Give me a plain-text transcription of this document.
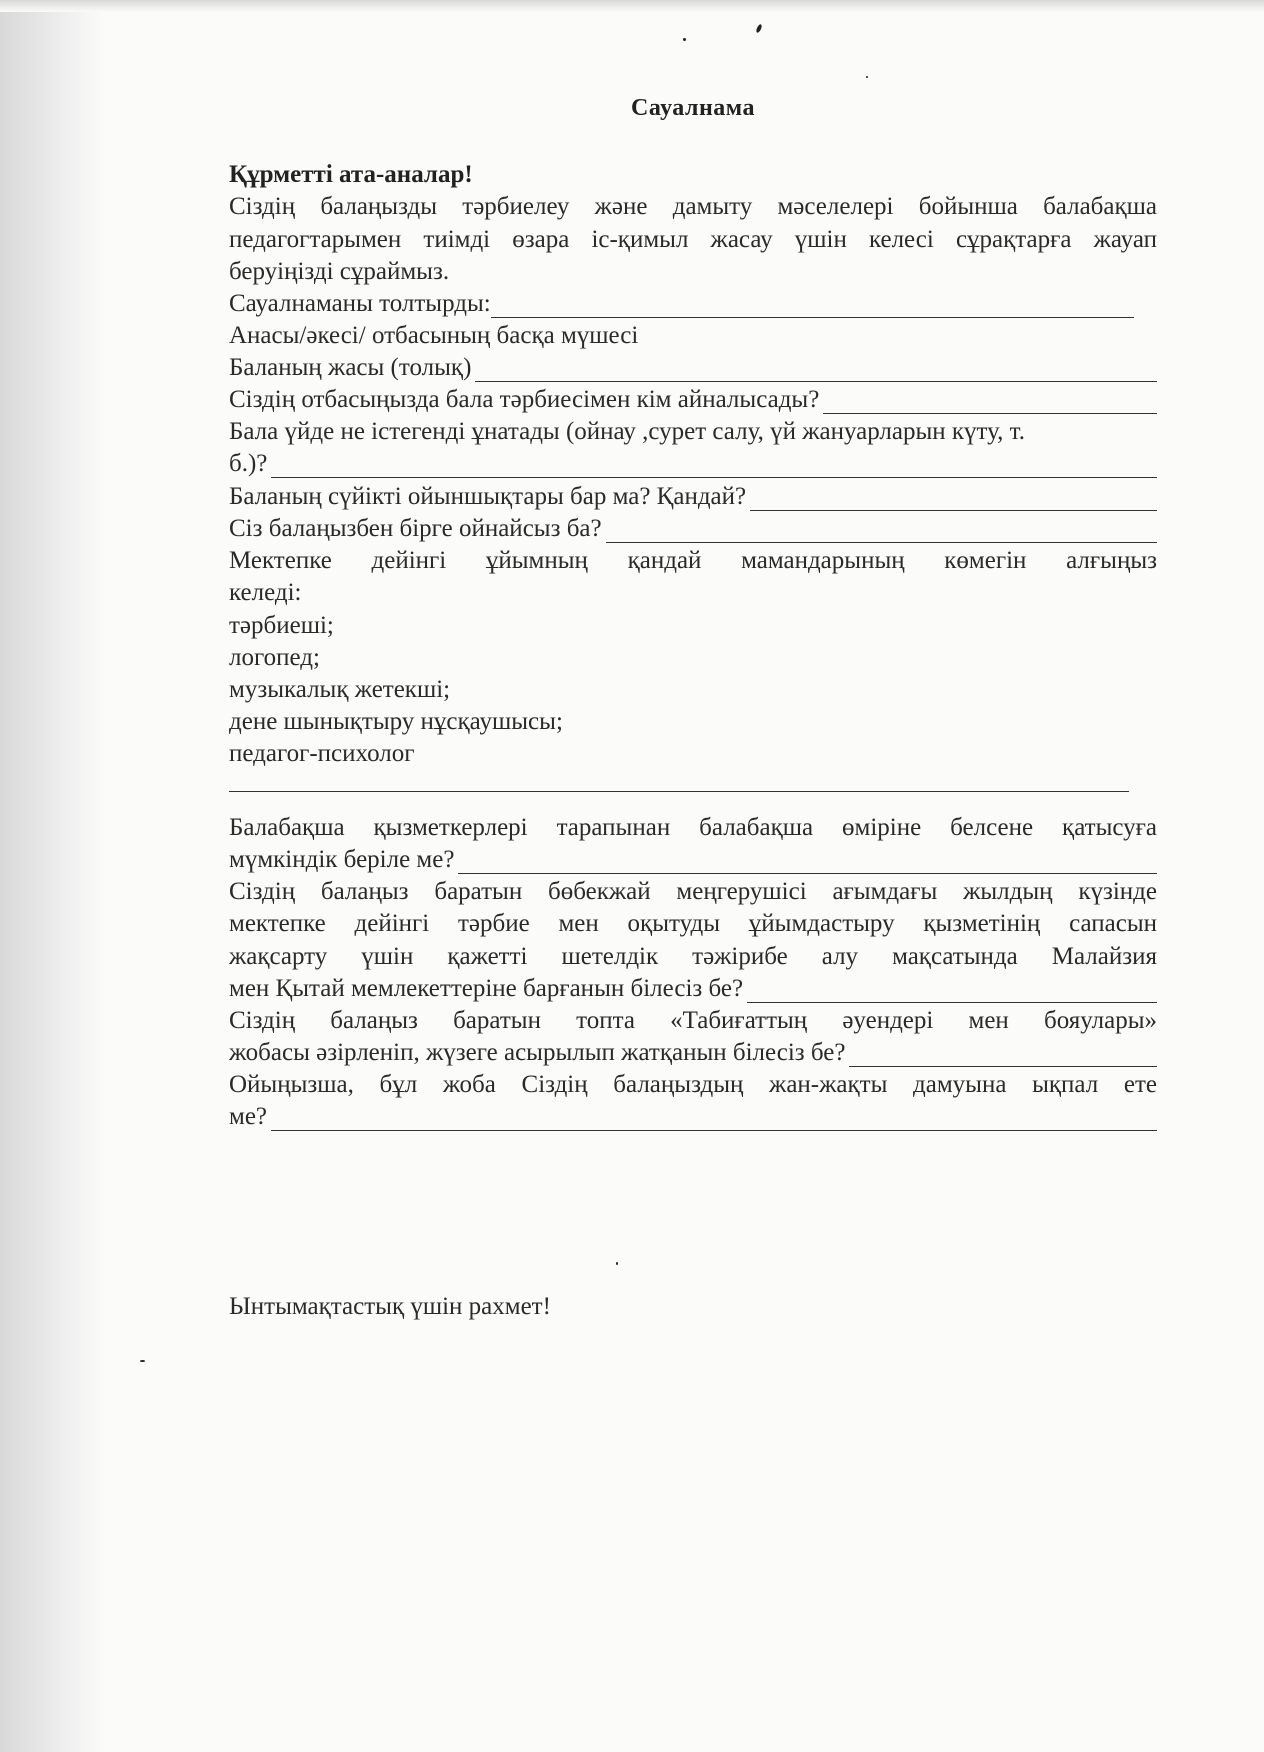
Сауалнама
Құрметті ата-аналар!
Сіздің балаңызды тәрбиелеу және дамыту мәселелері бойынша балабақша
педагогтарымен тиімді өзара іс-қимыл жасау үшін келесі сұрақтарға жауап
беруіңізді сұраймыз.
Сауалнаманы толтырды:
Анасы/әкесі/ отбасының басқа мүшесі
Баланың жасы (толық)
Сіздің отбасыңызда бала тәрбиесімен кім айналысады?
Бала үйде не істегенді ұнатады (ойнау ,сурет салу, үй жануарларын күту, т.
б.)?
Баланың сүйікті ойыншықтары бар ма? Қандай?
Сіз балаңызбен бірге ойнайсыз ба?
Мектепке дейінгі ұйымның қандай мамандарының көмегін алғыңыз
келеді:
тәрбиеші;
логопед;
музыкалық жетекші;
дене шынықтыру нұсқаушысы;
педагог-психолог
Балабақша қызметкерлері тарапынан балабақша өміріне белсене қатысуға
мүмкіндік беріле ме?
Сіздің балаңыз баратын бөбекжай меңгерушісі ағымдағы жылдың күзінде
мектепке дейінгі тәрбие мен оқытуды ұйымдастыру қызметінің сапасын
жақсарту үшін қажетті шетелдік тәжірибе алу мақсатында Малайзия
мен Қытай мемлекеттеріне барғанын білесіз бе?
Сіздің балаңыз баратын топта «Табиғаттың әуендері мен бояулары»
жобасы әзірленіп, жүзеге асырылып жатқанын білесіз бе?
Ойыңызша, бұл жоба Сіздің балаңыздың жан-жақты дамуына ықпал ете
ме?
Ынтымақтастық үшін рахмет!
